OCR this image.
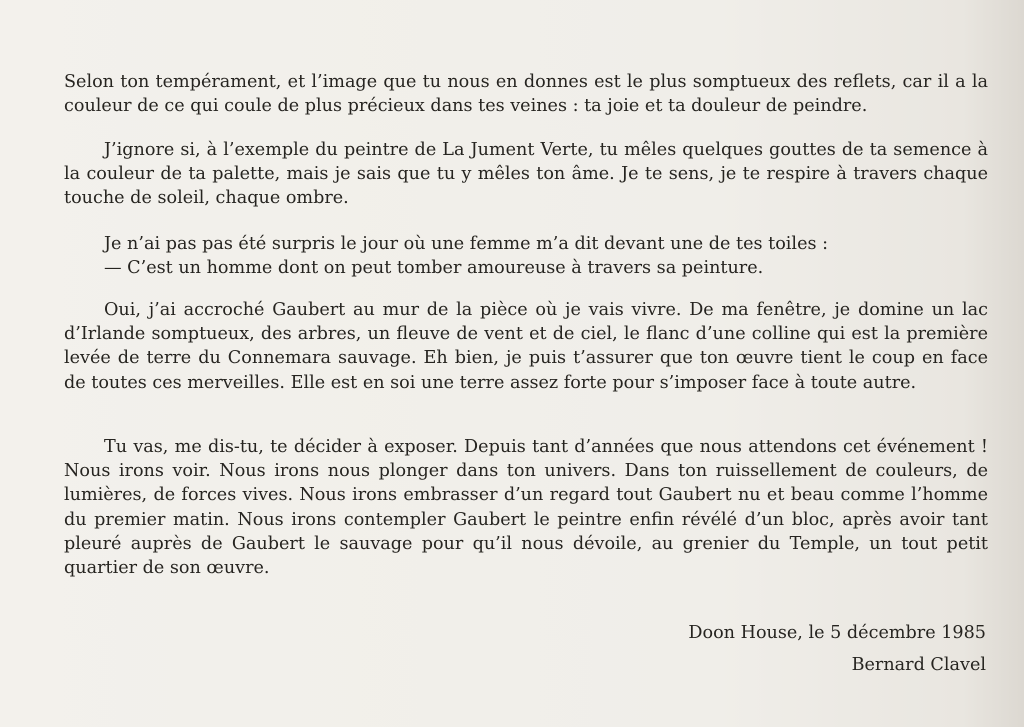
Selon ton tempérament, et l’image que tu nous en donnes est le plus somptueux des reflets, car il a la couleur de ce qui coule de plus précieux dans tes veines : ta joie et ta douleur de peindre.

J’ignore si, à l’exemple du peintre de La Jument Verte, tu mêles quelques gouttes de ta semence à la couleur de ta palette, mais je sais que tu y mêles ton âme. Je te sens, je te respire à travers chaque touche de soleil, chaque ombre.

Je n’ai pas pas été surpris le jour où une femme m’a dit devant une de tes toiles :
— C’est un homme dont on peut tomber amoureuse à travers sa peinture.

Oui, j’ai accroché Gaubert au mur de la pièce où je vais vivre. De ma fenêtre, je domine un lac d’Irlande somptueux, des arbres, un fleuve de vent et de ciel, le flanc d’une colline qui est la première levée de terre du Connemara sauvage. Eh bien, je puis t’assurer que ton œuvre tient le coup en face de toutes ces merveilles. Elle est en soi une terre assez forte pour s’imposer face à toute autre.

Tu vas, me dis-tu, te décider à exposer. Depuis tant d’années que nous attendons cet événement ! Nous irons voir. Nous irons nous plonger dans ton univers. Dans ton ruissellement de couleurs, de lumières, de forces vives. Nous irons embrasser d’un regard tout Gaubert nu et beau comme l’homme du premier matin. Nous irons contempler Gaubert le peintre enfin révélé d’un bloc, après avoir tant pleuré auprès de Gaubert le sauvage pour qu’il nous dévoile, au grenier du Temple, un tout petit quartier de son œuvre.

Doon House, le 5 décembre 1985
Bernard Clavel
